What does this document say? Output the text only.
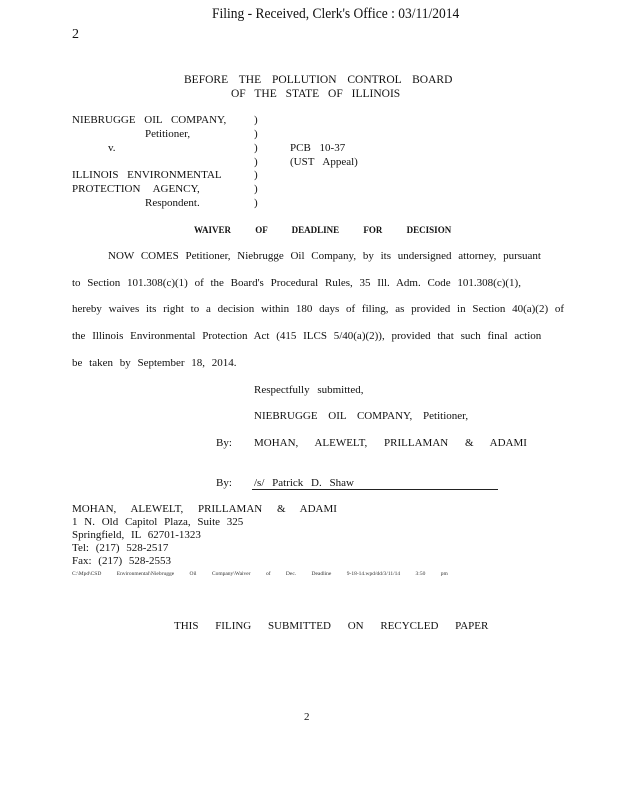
Filing - Received, Clerk's Office : 03/11/2014
2
BEFORE THE POLLUTION CONTROL BOARD
OF THE STATE OF ILLINOIS
NIEBRUGGE OIL COMPANY,
Petitioner,
v.
ILLINOIS ENVIRONMENTAL
PROTECTION AGENCY,
Respondent.
)
)
)
)
)
)
)
PCB 10-37
(UST Appeal)
WAIVER OF DEADLINE FOR DECISION
NOW COMES Petitioner, Niebrugge Oil Company, by its undersigned attorney, pursuant
to Section 101.308(c)(1) of the Board's Procedural Rules, 35 Ill. Adm. Code 101.308(c)(1),
hereby waives its right to a decision within 180 days of filing, as provided in Section 40(a)(2) of
the Illinois Environmental Protection Act (415 ILCS 5/40(a)(2)), provided that such final action
be taken by September 18, 2014.
Respectfully submitted,
NIEBRUGGE OIL COMPANY, Petitioner,
By: MOHAN, ALEWELT, PRILLAMAN & ADAMI
By: /s/ Patrick D. Shaw
MOHAN, ALEWELT, PRILLAMAN & ADAMI
1 N. Old Capitol Plaza, Suite 325
Springfield, IL 62701-1323
Tel: (217) 528-2517
Fax: (217) 528-2553
C:\Mpd\CSD Environmental\Niebrugge Oil Company\Waiver of Dec. Deadline 9-18-14.wpd/dd/3/11/14 3:50 pm
THIS FILING SUBMITTED ON RECYCLED PAPER
2
